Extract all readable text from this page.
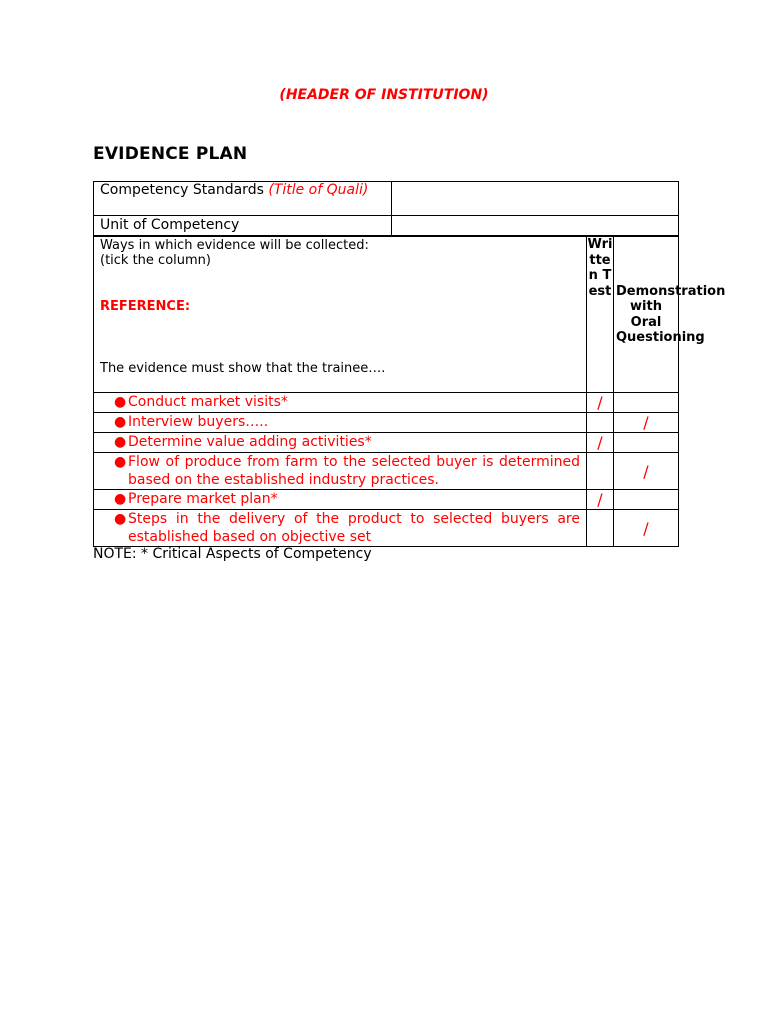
(HEADER OF INSTITUTION)
EVIDENCE PLAN
Competency Standards (Title of Quali)	
Unit of Competency	
Ways in which evidence will be collected:
(tick the column)
REFERENCE:
The evidence must show that the trainee….	Written Test	Demonstration with Oral Questioning

● Conduct market visits*	/	

● Interview buyers…..		/

● Determine value adding activities*	/	

● Flow of produce from farm to the selected buyer is determined based on the established industry practices.		/

● Prepare market plan*	/	

● Steps in the delivery of the product to selected buyers are established based on objective set		/
NOTE: * Critical Aspects of Competency
